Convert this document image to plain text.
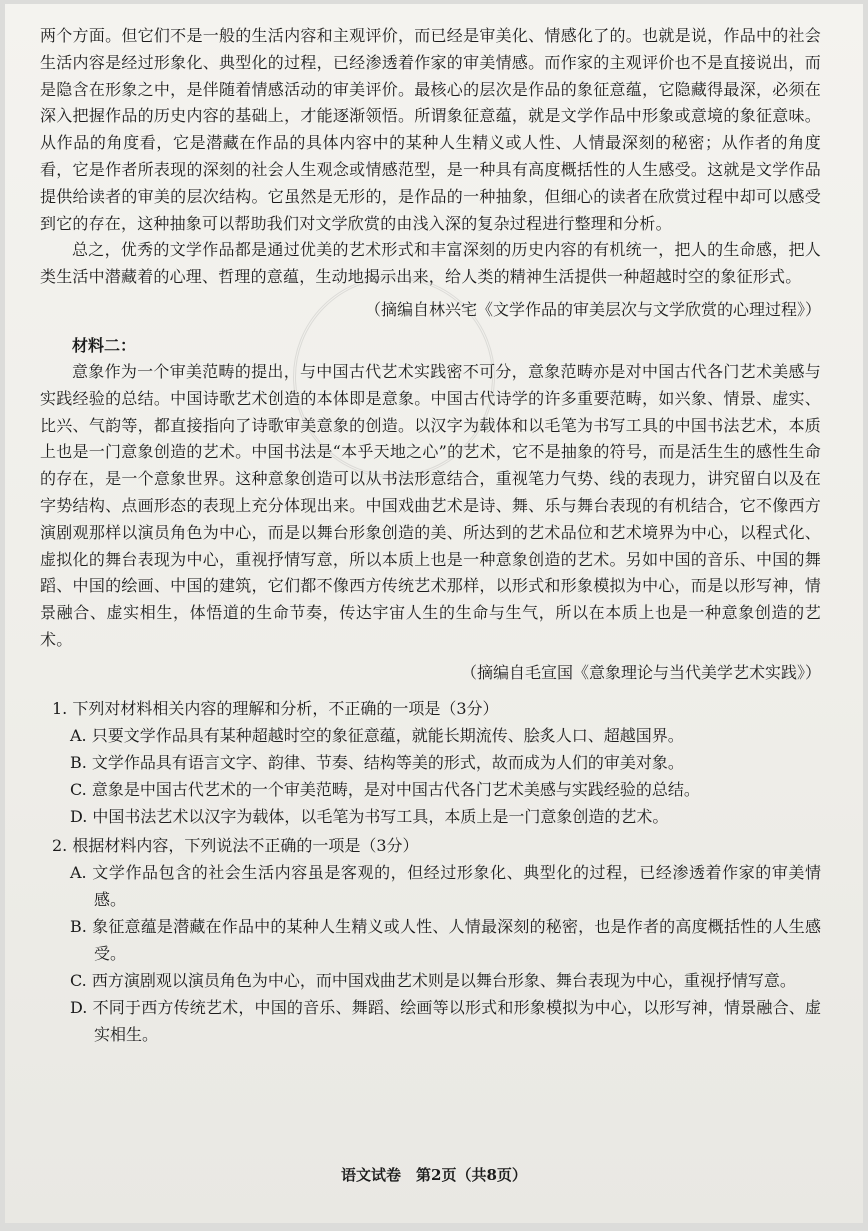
两个方面。但它们不是一般的生活内容和主观评价，而已经是审美化、情感化了的。也就是说，作品中的社会生活内容是经过形象化、典型化的过程，已经渗透着作家的审美情感。而作家的主观评价也不是直接说出，而是隐含在形象之中，是伴随着情感活动的审美评价。最核心的层次是作品的象征意蕴，它隐藏得最深，必须在深入把握作品的历史内容的基础上，才能逐渐领悟。所谓象征意蕴，就是文学作品中形象或意境的象征意味。从作品的角度看，它是潜藏在作品的具体内容中的某种人生精义或人性、人情最深刻的秘密；从作者的角度看，它是作者所表现的深刻的社会人生观念或情感范型，是一种具有高度概括性的人生感受。这就是文学作品提供给读者的审美的层次结构。它虽然是无形的，是作品的一种抽象，但细心的读者在欣赏过程中却可以感受到它的存在，这种抽象可以帮助我们对文学欣赏的由浅入深的复杂过程进行整理和分析。

总之，优秀的文学作品都是通过优美的艺术形式和丰富深刻的历史内容的有机统一，把人的生命感，把人类生活中潜藏着的心理、哲理的意蕴，生动地揭示出来，给人类的精神生活提供一种超越时空的象征形式。

（摘编自林兴宅《文学作品的审美层次与文学欣赏的心理过程》）

材料二：

意象作为一个审美范畴的提出，与中国古代艺术实践密不可分，意象范畴亦是对中国古代各门艺术美感与实践经验的总结。中国诗歌艺术创造的本体即是意象。中国古代诗学的许多重要范畴，如兴象、情景、虚实、比兴、气韵等，都直接指向了诗歌审美意象的创造。以汉字为载体和以毛笔为书写工具的中国书法艺术，本质上也是一门意象创造的艺术。中国书法是“本乎天地之心”的艺术，它不是抽象的符号，而是活生生的感性生命的存在，是一个意象世界。这种意象创造可以从书法形意结合，重视笔力气势、线的表现力，讲究留白以及在字势结构、点画形态的表现上充分体现出来。中国戏曲艺术是诗、舞、乐与舞台表现的有机结合，它不像西方演剧观那样以演员角色为中心，而是以舞台形象创造的美、所达到的艺术品位和艺术境界为中心，以程式化、虚拟化的舞台表现为中心，重视抒情写意，所以本质上也是一种意象创造的艺术。另如中国的音乐、中国的舞蹈、中国的绘画、中国的建筑，它们都不像西方传统艺术那样，以形式和形象模拟为中心，而是以形写神，情景融合、虚实相生，体悟道的生命节奏，传达宇宙人生的生命与生气，所以在本质上也是一种意象创造的艺术。

（摘编自毛宣国《意象理论与当代美学艺术实践》）

1. 下列对材料相关内容的理解和分析，不正确的一项是（3分）

A. 只要文学作品具有某种超越时空的象征意蕴，就能长期流传、脍炙人口、超越国界。

B. 文学作品具有语言文字、韵律、节奏、结构等美的形式，故而成为人们的审美对象。

C. 意象是中国古代艺术的一个审美范畴，是对中国古代各门艺术美感与实践经验的总结。

D. 中国书法艺术以汉字为载体，以毛笔为书写工具，本质上是一门意象创造的艺术。

2. 根据材料内容，下列说法不正确的一项是（3分）

A. 文学作品包含的社会生活内容虽是客观的，但经过形象化、典型化的过程，已经渗透着作家的审美情感。

B. 象征意蕴是潜藏在作品中的某种人生精义或人性、人情最深刻的秘密，也是作者的高度概括性的人生感受。

C. 西方演剧观以演员角色为中心，而中国戏曲艺术则是以舞台形象、舞台表现为中心，重视抒情写意。

D. 不同于西方传统艺术，中国的音乐、舞蹈、绘画等以形式和形象模拟为中心，以形写神，情景融合、虚实相生。

语文试卷　第2页（共8页）
